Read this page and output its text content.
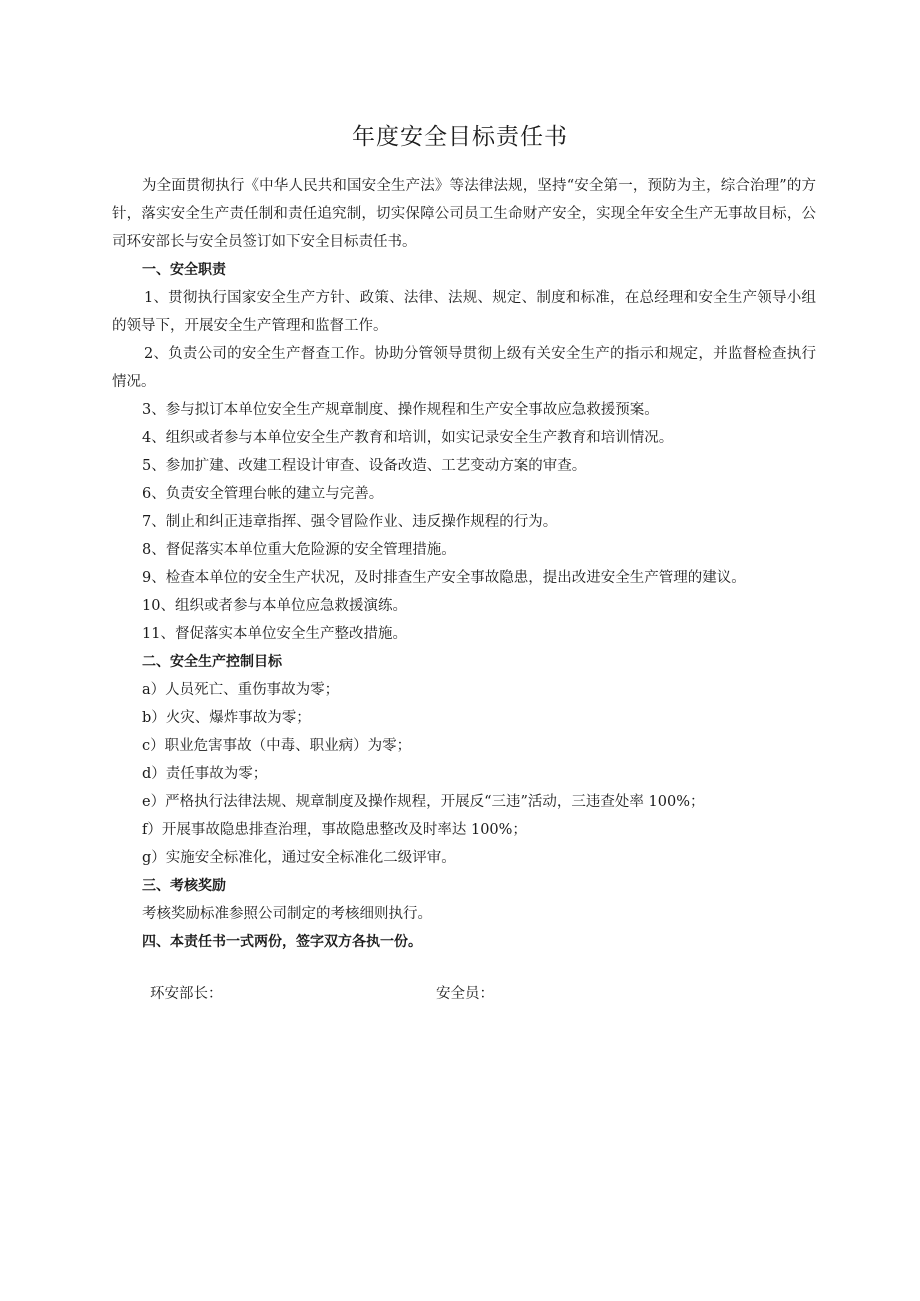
年度安全目标责任书

为全面贯彻执行《中华人民共和国安全生产法》等法律法规，坚持“安全第一，预防为主，综合治理”的方针，落实安全生产责任制和责任追究制，切实保障公司员工生命财产安全，实现全年安全生产无事故目标，公司环安部长与安全员签订如下安全目标责任书。

一、安全职责
1、贯彻执行国家安全生产方针、政策、法律、法规、规定、制度和标准，在总经理和安全生产领导小组的领导下，开展安全生产管理和监督工作。
2、负责公司的安全生产督查工作。协助分管领导贯彻上级有关安全生产的指示和规定，并监督检查执行情况。
3、参与拟订本单位安全生产规章制度、操作规程和生产安全事故应急救援预案。
4、组织或者参与本单位安全生产教育和培训，如实记录安全生产教育和培训情况。
5、参加扩建、改建工程设计审查、设备改造、工艺变动方案的审查。
6、负责安全管理台帐的建立与完善。
7、制止和纠正违章指挥、强令冒险作业、违反操作规程的行为。
8、督促落实本单位重大危险源的安全管理措施。
9、检查本单位的安全生产状况，及时排查生产安全事故隐患，提出改进安全生产管理的建议。
10、组织或者参与本单位应急救援演练。
11、督促落实本单位安全生产整改措施。
二、安全生产控制目标
a）人员死亡、重伤事故为零；
b）火灾、爆炸事故为零；
c）职业危害事故（中毒、职业病）为零；
d）责任事故为零；
e）严格执行法律法规、规章制度及操作规程，开展反“三违”活动，三违查处率 100%；
f）开展事故隐患排查治理，事故隐患整改及时率达 100%；
g）实施安全标准化，通过安全标准化二级评审。
三、考核奖励
考核奖励标准参照公司制定的考核细则执行。
四、本责任书一式两份，签字双方各执一份。
环安部长：	安全员：
